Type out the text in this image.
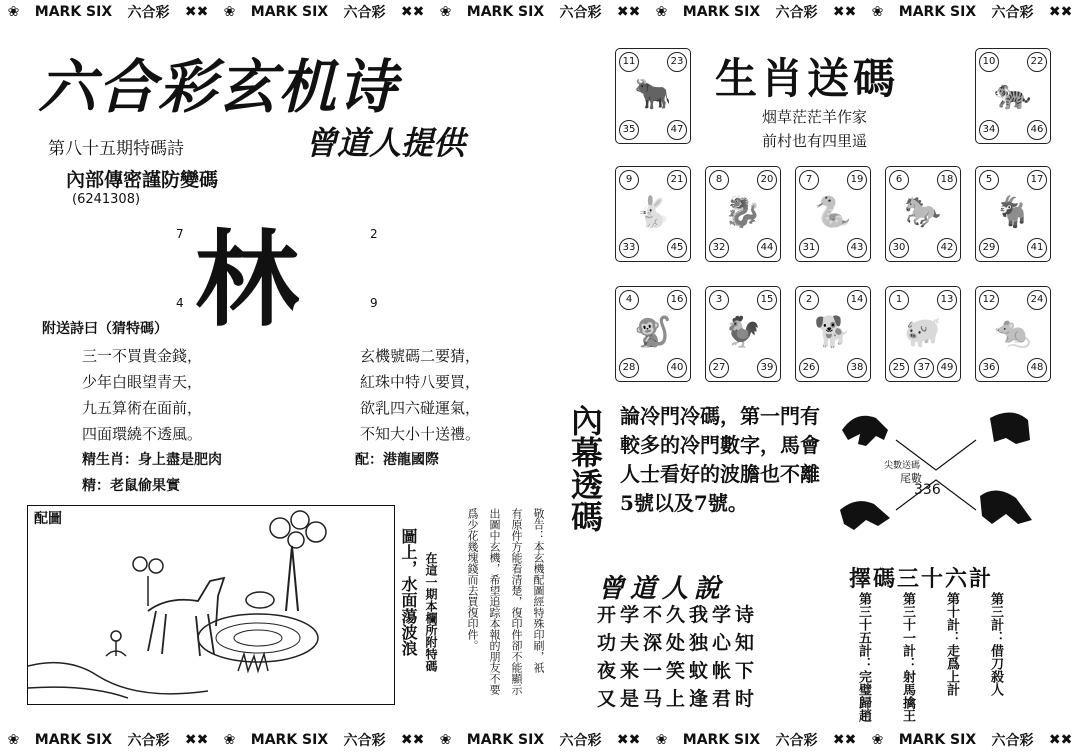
❀ MARK SIX 六合彩 ✖✖ ❀ MARK SIX 六合彩 ✖✖ ❀ MARK SIX 六合彩 ✖✖ ❀ MARK SIX 六合彩 ✖✖ ❀ MARK SIX 六合彩 ✖✖
❀ MARK SIX 六合彩 ✖✖ ❀ MARK SIX 六合彩 ✖✖ ❀ MARK SIX 六合彩 ✖✖ ❀ MARK SIX 六合彩 ✖✖ ❀ MARK SIX 六合彩 ✖✖
六合彩玄机诗
曾道人提供
第八十五期特碼詩
內部傳密謹防變碼
(6241308)
林
7	2
4	9
附送詩曰（猜特碼）
三一不買貴金錢，
少年白眼望青天，
九五算術在面前，
四面環繞不透風。
玄機號碼二要猜，
紅珠中特八要買，
欲乳四六碰運氣，
不知大小十送禮。
精生肖：身上盡是肥肉
精：老鼠偷果實
配：港龍國際
配圖
圖上，水面蕩波浪 在這一期本欄所附特碼	敬告：本玄機配圖經特殊印刷，祇
有原件方能看清楚，復印件卻不能顯示
出圖中玄機，希望追踪本報的朋友不要
爲少花幾塊錢而去買復印件。
生肖送碼
烟草茫茫羊作家
前村也有四里遥
🐂
11	23
35	47
🐅
10	22
34	46
🐇
9	21
33	45
🐉
8	20
32	44
🐍
7	19
31	43
🐎
6	18
30	42
🐐
5	17
29	41
🐒
4	16
28	40
🐓
3	15
27	39
🐕
2	14
26	38
🐖
1	13
25	37	49
🐀
12	24
36	48
內幕透碼 論冷門冷碼，第一門有較多的冷門數字，馬會人士看好的波膽也不離5號以及7號。
曾道人說
开学不久我学诗
功夫深处独心知
夜来一笑蚊帐下
又是马上逢君时
尖數送碼
尾數
336
擇碼三十六計
第三計：借刀殺人
第十計：走爲上計
第三十一計：射馬擒王
第三十五計：完璧歸趙
